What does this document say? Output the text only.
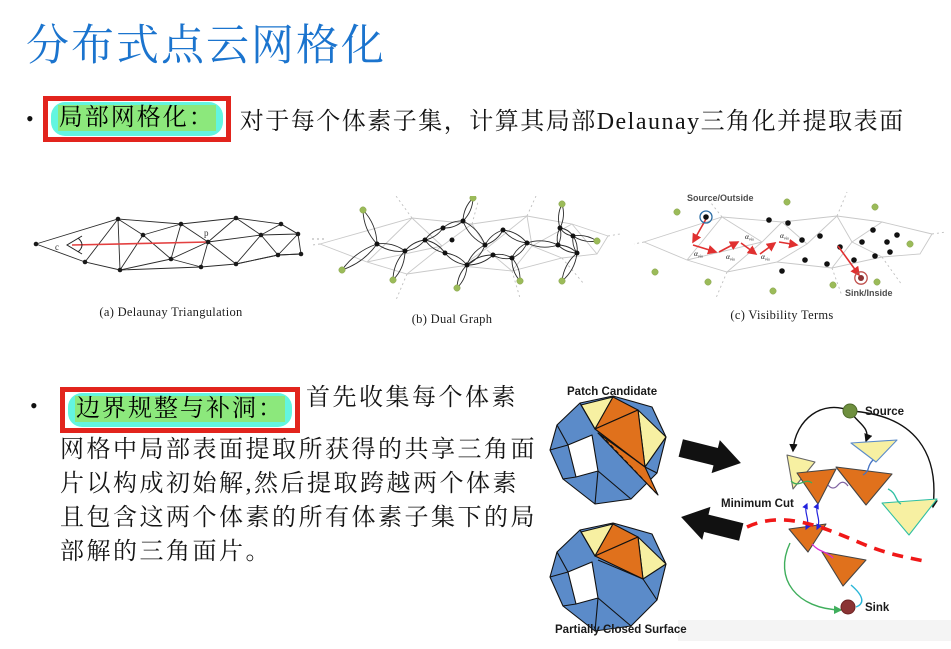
分布式点云网格化
•	局部网格化：	对于每个体素子集，计算其局部Delaunay三角化并提取表面
c
p
(a) Delaunay Triangulation	(b) Dual Graph
$\alpha_{vis}$	$\alpha_{vis}$
$\alpha_{vis}$
$\alpha_{vis}$
$\alpha_{vis}$
Source/Outside
Sink/Inside
(c) Visibility Terms
•	边界规整与补洞： 首先收集每个体素网格中局部表面提取所获得的共享三角面片以构成初始解,然后提取跨越两个体素且包含这两个体素的所有体素子集下的局部解的三角面片。

Patch Candidate
Partially Closed Surface
Minimum Cut
Source
Sink
